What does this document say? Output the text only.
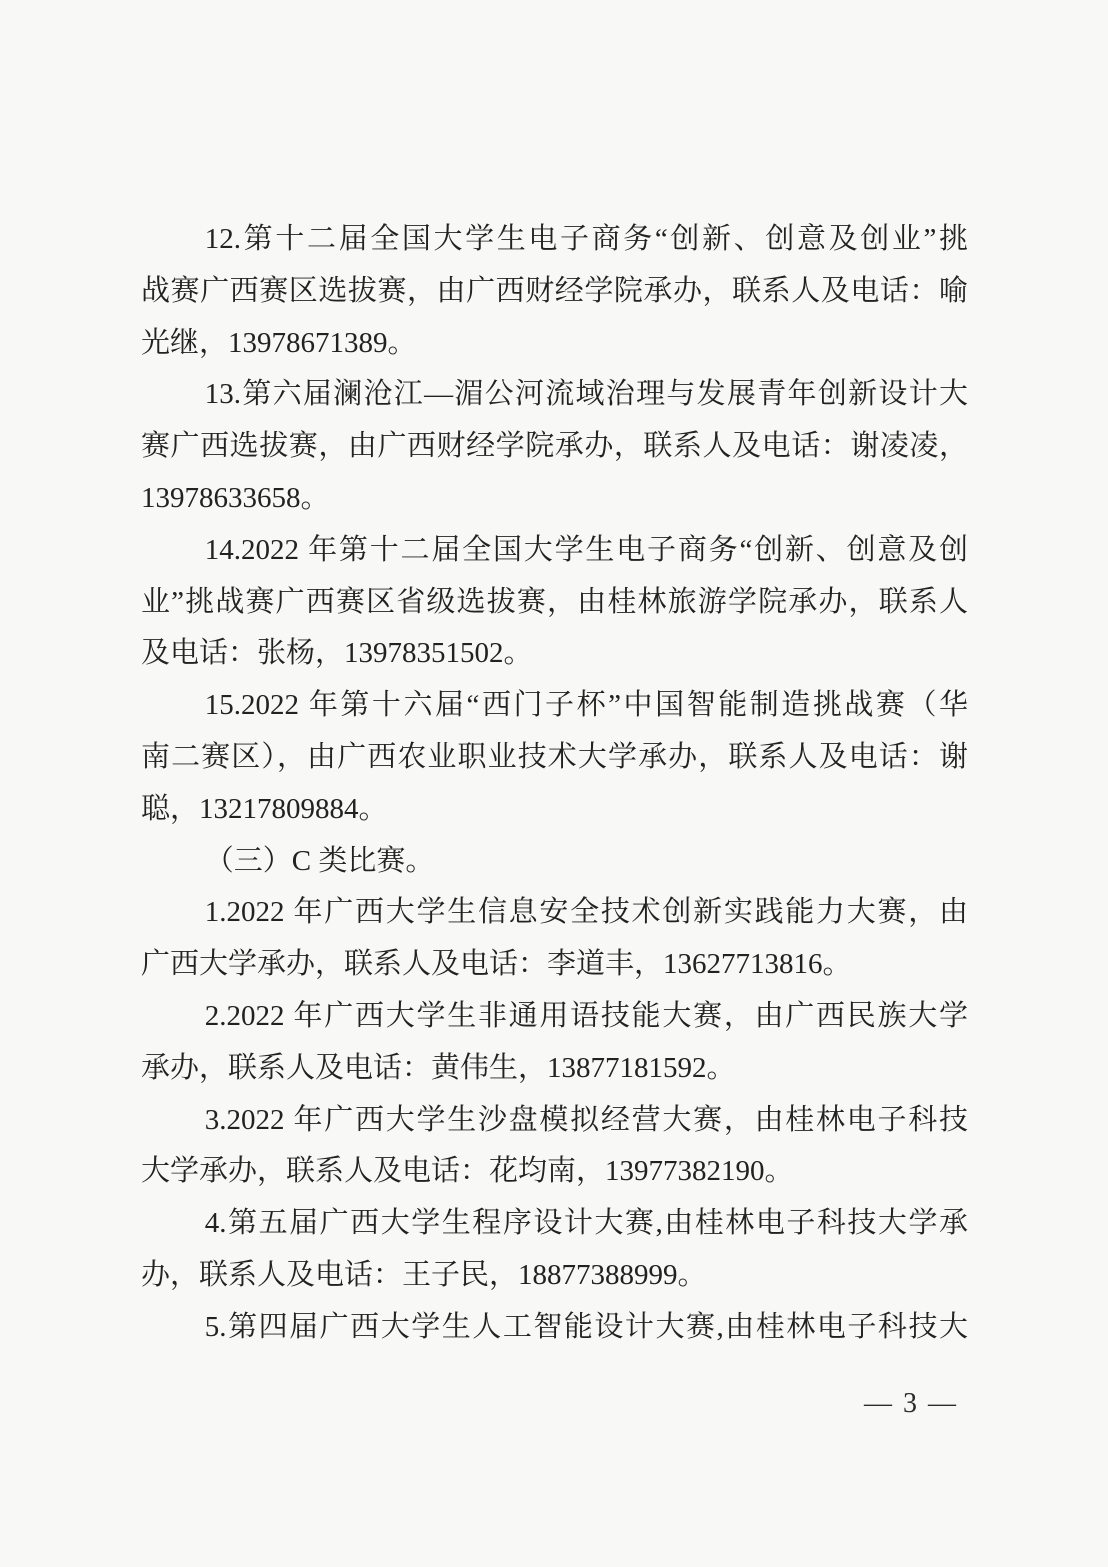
12.第十二届全国大学生电子商务“创新、创意及创业”挑
战赛广西赛区选拔赛，由广西财经学院承办，联系人及电话：喻
光继，13978671389。

13.第六届澜沧江—湄公河流域治理与发展青年创新设计大
赛广西选拔赛，由广西财经学院承办，联系人及电话：谢凌凌，
13978633658。

14.2022 年第十二届全国大学生电子商务“创新、创意及创
业”挑战赛广西赛区省级选拔赛，由桂林旅游学院承办，联系人
及电话：张杨，13978351502。

15.2022 年第十六届“西门子杯”中国智能制造挑战赛（华
南二赛区），由广西农业职业技术大学承办，联系人及电话：谢
聪，13217809884。

（三）C 类比赛。

1.2022 年广西大学生信息安全技术创新实践能力大赛，由
广西大学承办，联系人及电话：李道丰，13627713816。

2.2022 年广西大学生非通用语技能大赛，由广西民族大学
承办，联系人及电话：黄伟生，13877181592。

3.2022 年广西大学生沙盘模拟经营大赛，由桂林电子科技
大学承办，联系人及电话：花均南，13977382190。

4.第五届广西大学生程序设计大赛,由桂林电子科技大学承
办，联系人及电话：王子民，18877388999。

5.第四届广西大学生人工智能设计大赛,由桂林电子科技大

— 3 —
